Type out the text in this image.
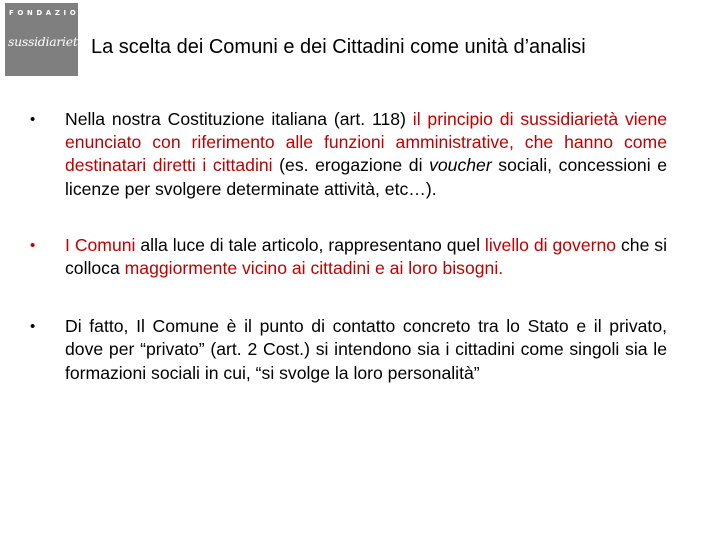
FONDAZIONE
sussidiarietà La scelta dei Comuni e dei Cittadini come unità d’analisi
•	Nella nostra Costituzione italiana (art. 118) il principio di sussidiarietà viene enunciato con riferimento alle funzioni amministrative, che hanno come destinatari diretti i cittadini (es. erogazione di voucher sociali, concessioni e licenze per svolgere determinate attività, etc…).
•	I Comuni alla luce di tale articolo, rappresentano quel livello di governo che si colloca maggiormente vicino ai cittadini e ai loro bisogni.
•	Di fatto, Il Comune è il punto di contatto concreto tra lo Stato e il privato, dove per “privato” (art. 2 Cost.) si intendono sia i cittadini come singoli sia le formazioni sociali in cui, “si svolge la loro personalità”
